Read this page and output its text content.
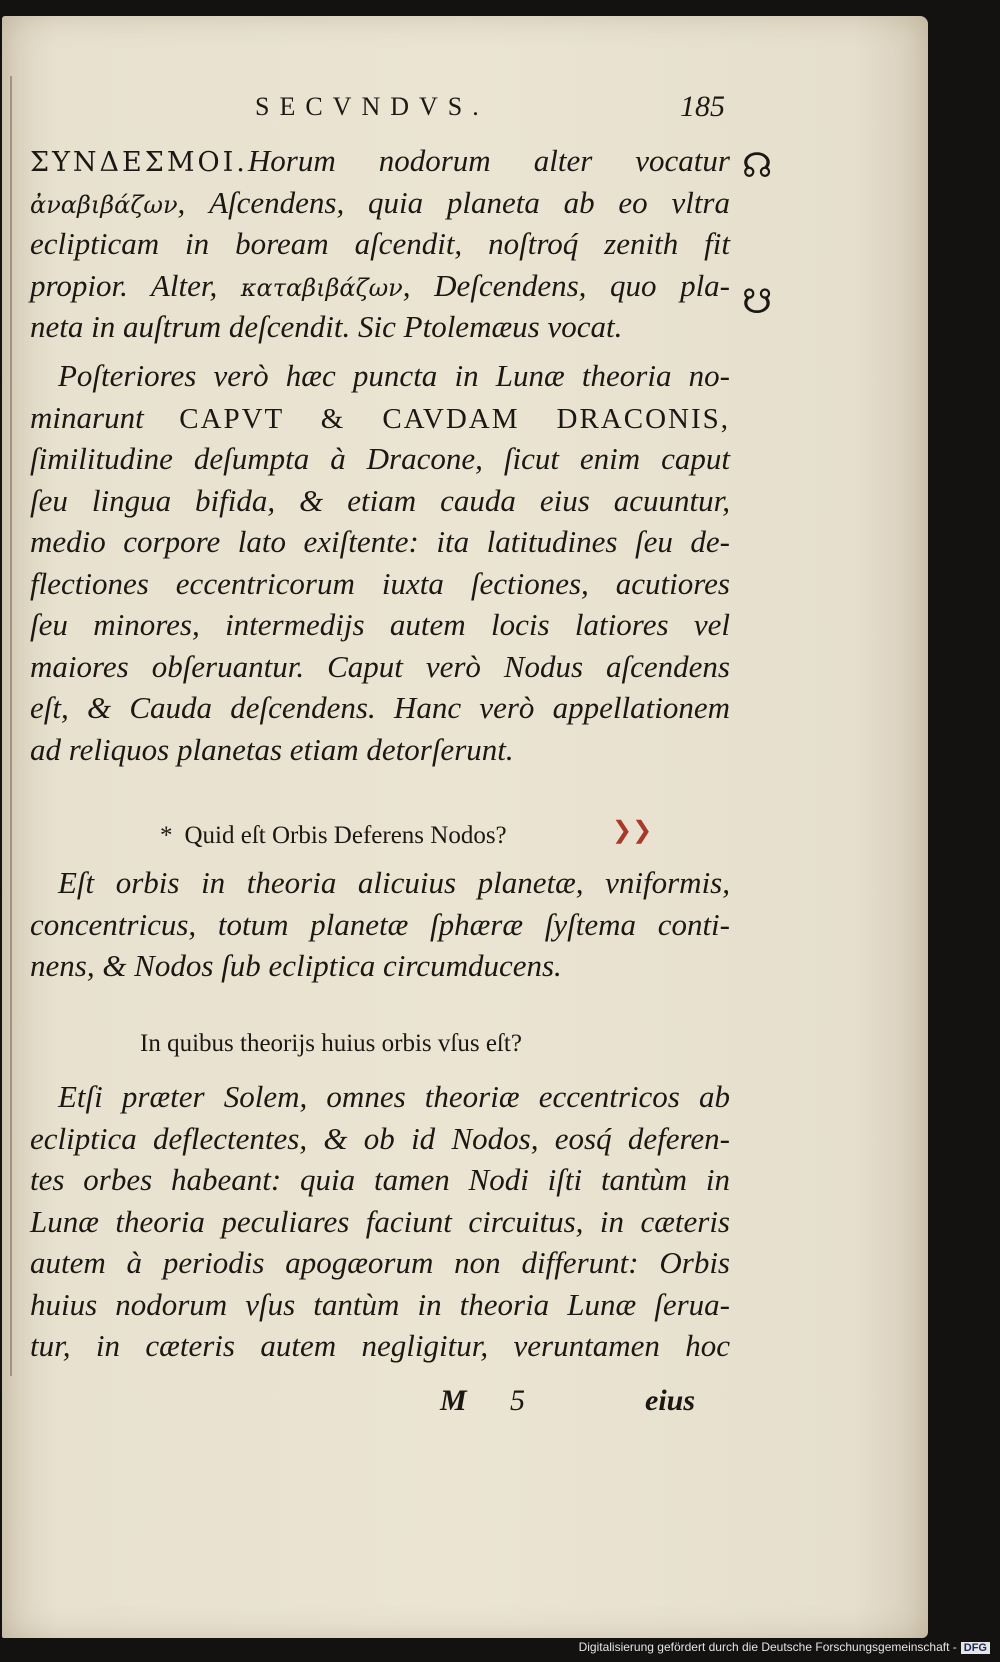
SECVNDVS.	185
ΣΥΝΔΕΣΜΟΙ.Horum nodorum alter vocatur
ἀναβιβάζων, Aſcendens, quia planeta ab eo vltra
eclipticam in boream aſcendit, noſtroq́ zenith fit
propior. Alter, καταβιβάζων, Deſcendens, quo pla-
neta in auſtrum deſcendit. Sic Ptolemæus vocat.
☊
☋
Poſteriores verò hæc puncta in Lunæ theoria no-
minarunt CAPVT & CAVDAM DRACONIS,
ſimilitudine deſumpta à Dracone, ſicut enim caput
ſeu lingua bifida, & etiam cauda eius acuuntur,
medio corpore lato exiſtente: ita latitudines ſeu de-
flectiones eccentricorum iuxta ſectiones, acutiores
ſeu minores, intermedijs autem locis latiores vel
maiores obſeruantur. Caput verò Nodus aſcendens
eſt, & Cauda deſcendens. Hanc verò appellationem
ad reliquos planetas etiam detorſerunt.
* Quid eſt Orbis Deferens Nodos?	❯❯
Eſt orbis in theoria alicuius planetæ, vniformis,
concentricus, totum planetæ ſphæræ ſyſtema conti-
nens, & Nodos ſub ecliptica circumducens.
In quibus theorijs huius orbis vſus eſt?
Etſi præter Solem, omnes theoriæ eccentricos ab
ecliptica deflectentes, & ob id Nodos, eosq́ deferen-
tes orbes habeant: quia tamen Nodi iſti tantùm in
Lunæ theoria peculiares faciunt circuitus, in cæteris
autem à periodis apogæorum non differunt: Orbis
huius nodorum vſus tantùm in theoria Lunæ ſerua-
tur, in cæteris autem negligitur, veruntamen hoc
M 5	eius
Digitalisierung gefördert durch die Deutsche Forschungsgemeinschaft - DFG
